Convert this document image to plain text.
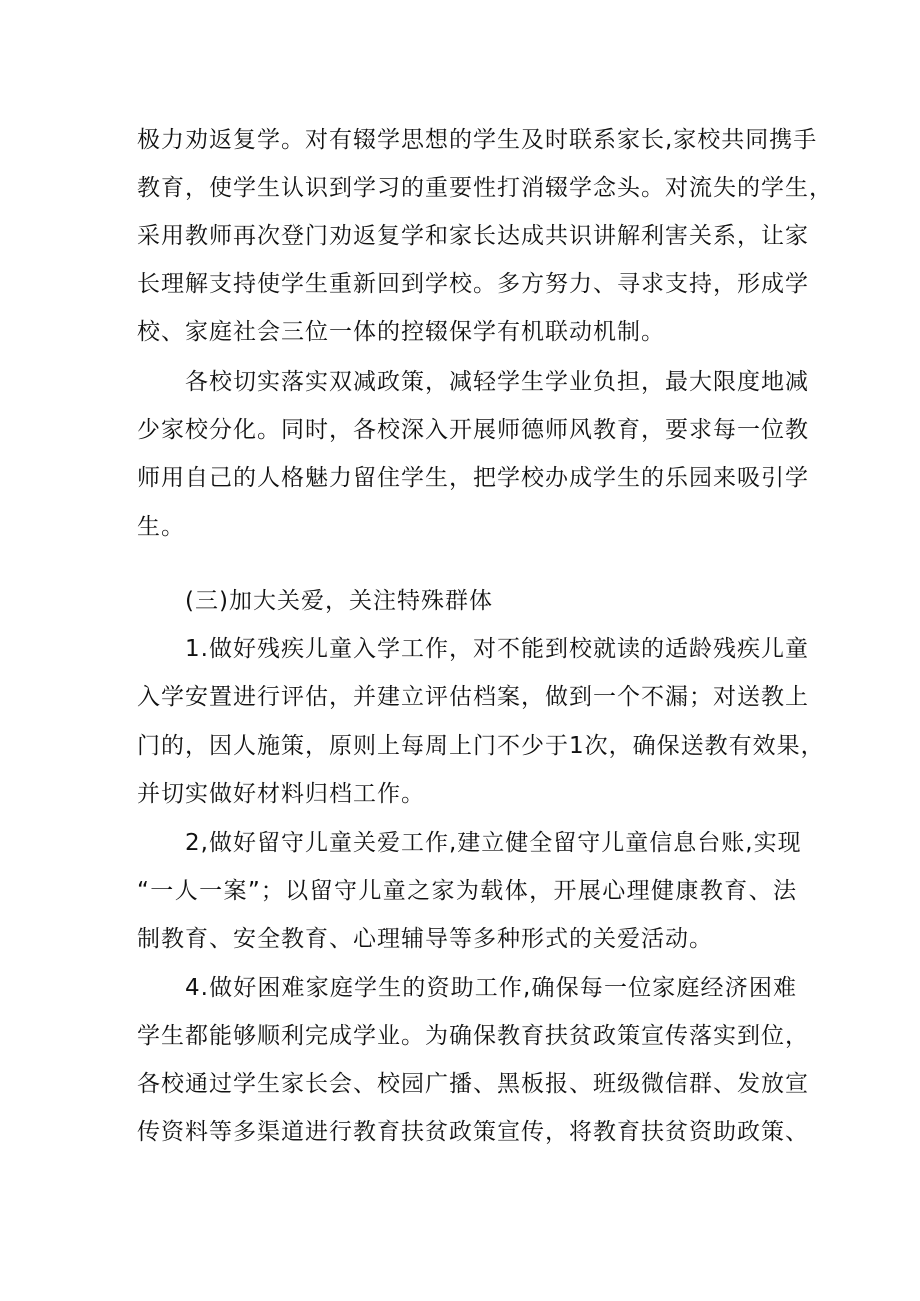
极力劝返复学。对有辍学思想的学生及时联系家长,家校共同携手
教育，使学生认识到学习的重要性打消辍学念头。对流失的学生，
采用教师再次登门劝返复学和家长达成共识讲解利害关系，让家
长理解支持使学生重新回到学校。多方努力、寻求支持，形成学
校、家庭社会三位一体的控辍保学有机联动机制。
各校切实落实双减政策，减轻学生学业负担，最大限度地减
少家校分化。同时，各校深入开展师德师风教育，要求每一位教
师用自己的人格魅力留住学生，把学校办成学生的乐园来吸引学
生。
(三)加大关爱，关注特殊群体
1.做好残疾儿童入学工作，对不能到校就读的适龄残疾儿童
入学安置进行评估，并建立评估档案，做到一个不漏；对送教上
门的，因人施策，原则上每周上门不少于1次，确保送教有效果，
并切实做好材料归档工作。
2,做好留守儿童关爱工作,建立健全留守儿童信息台账,实现
“一人一案”；以留守儿童之家为载体，开展心理健康教育、法
制教育、安全教育、心理辅导等多种形式的关爱活动。
4.做好困难家庭学生的资助工作,确保每一位家庭经济困难
学生都能够顺利完成学业。为确保教育扶贫政策宣传落实到位，
各校通过学生家长会、校园广播、黑板报、班级微信群、发放宣
传资料等多渠道进行教育扶贫政策宣传，将教育扶贫资助政策、
